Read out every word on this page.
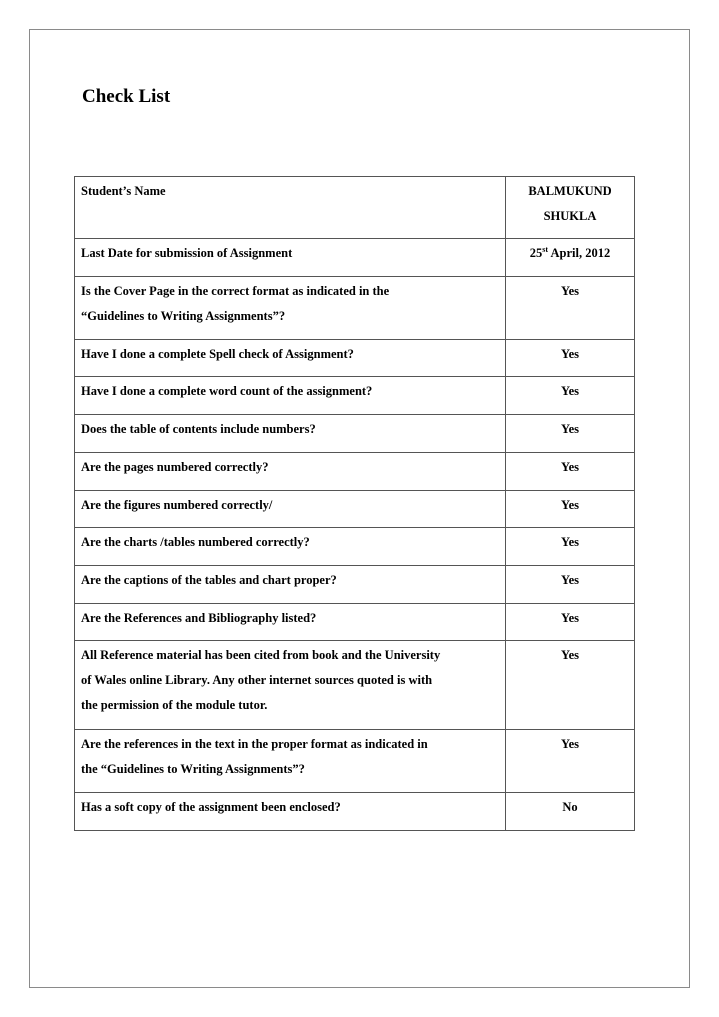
Check List
Student’s Name	BALMUKUND
SHUKLA
Last Date for submission of Assignment	25st April, 2012
Is the Cover Page in the correct format as indicated in the
“Guidelines to Writing Assignments”?	Yes
Have I done a complete Spell check of Assignment?	Yes
Have I done a complete word count of the assignment?	Yes
Does the table of contents include numbers?	Yes
Are the pages numbered correctly?	Yes
Are the figures numbered correctly/	Yes
Are the charts /tables numbered correctly?	Yes
Are the captions of the tables and chart proper?	Yes
Are the References and Bibliography listed?	Yes
All Reference material has been cited from book and the University
of Wales online Library. Any other internet sources quoted is with
the permission of the module tutor.	Yes
Are the references in the text in the proper format as indicated in
the “Guidelines to Writing Assignments”?	Yes
Has a soft copy of the assignment been enclosed?	No
